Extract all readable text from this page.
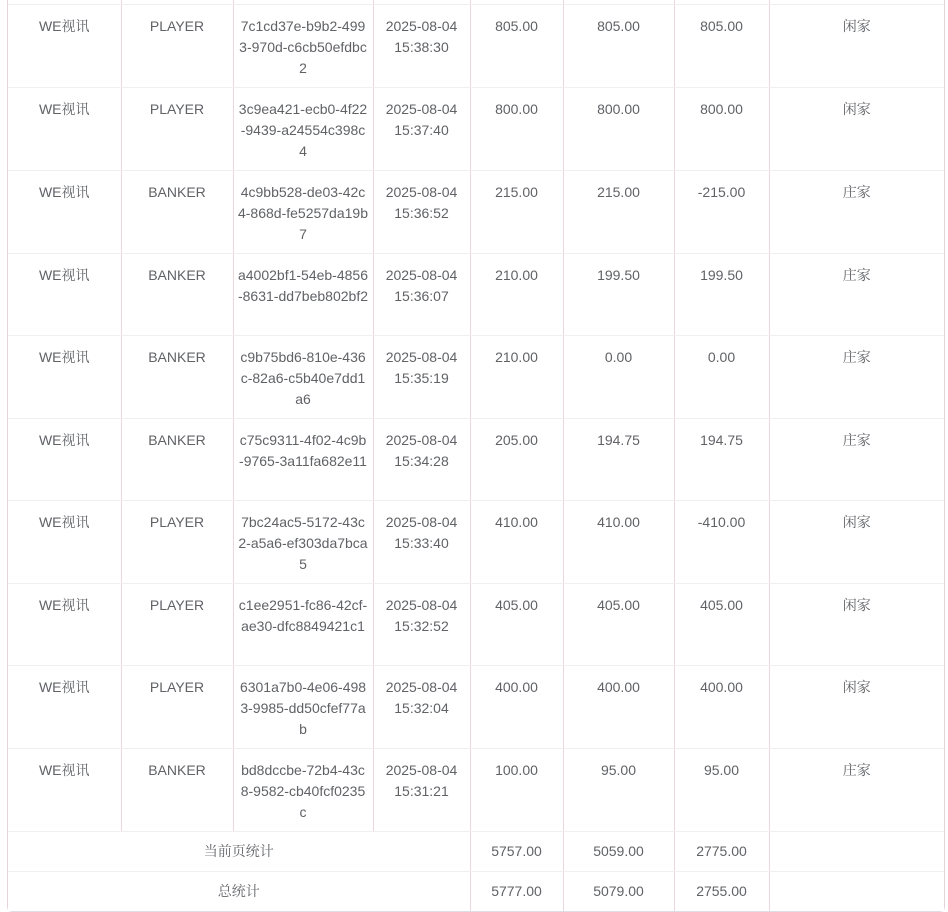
WE视讯	PLAYER	7c1cd37e-b9b2-4993-970d-c6cb50efdbc2	2025-08-04 15:38:30	805.00	805.00	805.00	闲家
WE视讯	PLAYER	3c9ea421-ecb0-4f22-9439-a24554c398c4	2025-08-04 15:37:40	800.00	800.00	800.00	闲家
WE视讯	BANKER	4c9bb528-de03-42c4-868d-fe5257da19b7	2025-08-04 15:36:52	215.00	215.00	-215.00	庄家
WE视讯	BANKER	a4002bf1-54eb-4856-8631-dd7beb802bf2	2025-08-04 15:36:07	210.00	199.50	199.50	庄家
WE视讯	BANKER	c9b75bd6-810e-436c-82a6-c5b40e7dd1a6	2025-08-04 15:35:19	210.00	0.00	0.00	庄家
WE视讯	BANKER	c75c9311-4f02-4c9b-9765-3a11fa682e11	2025-08-04 15:34:28	205.00	194.75	194.75	庄家
WE视讯	PLAYER	7bc24ac5-5172-43c2-a5a6-ef303da7bca5	2025-08-04 15:33:40	410.00	410.00	-410.00	闲家
WE视讯	PLAYER	c1ee2951-fc86-42cf-ae30-dfc8849421c1	2025-08-04 15:32:52	405.00	405.00	405.00	闲家
WE视讯	PLAYER	6301a7b0-4e06-4983-9985-dd50cfef77ab	2025-08-04 15:32:04	400.00	400.00	400.00	闲家
WE视讯	BANKER	bd8dccbe-72b4-43c8-9582-cb40fcf0235c	2025-08-04 15:31:21	100.00	95.00	95.00	庄家
当前页统计				5757.00	5059.00	2775.00	
总统计				5777.00	5079.00	2755.00	
